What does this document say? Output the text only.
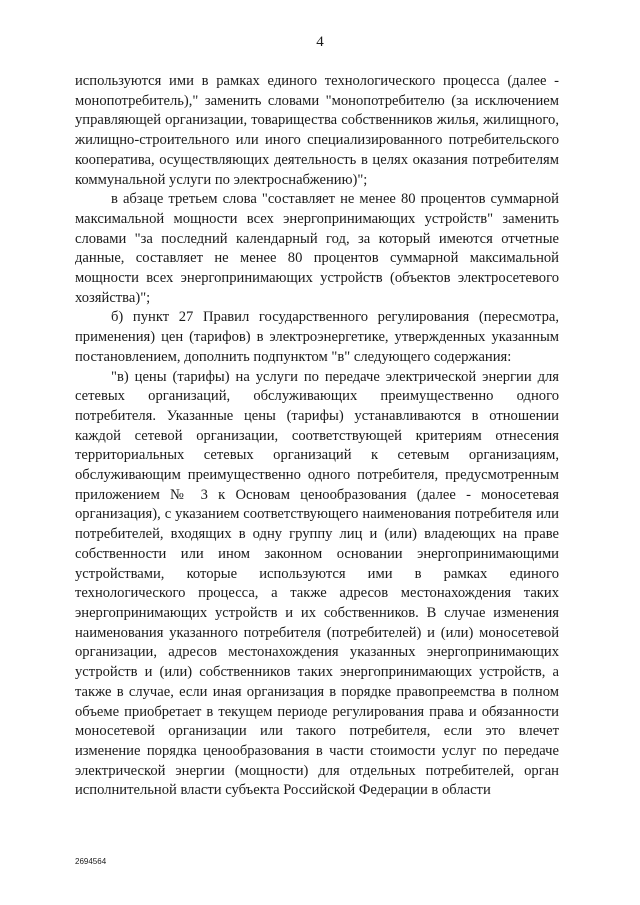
4

используются ими в рамках единого технологического процесса (далее - монопотребитель)," заменить словами "монопотребителю (за исключением управляющей организации, товарищества собственников жилья, жилищного, жилищно-строительного или иного специализированного потребительского кооператива, осуществляющих деятельность в целях оказания потребителям коммунальной услуги по электроснабжению)";

в абзаце третьем слова "составляет не менее 80 процентов суммарной максимальной мощности всех энергопринимающих устройств" заменить словами "за последний календарный год, за который имеются отчетные данные, составляет не менее 80 процентов суммарной максимальной мощности всех энергопринимающих устройств (объектов электросетевого хозяйства)";

б) пункт 27 Правил государственного регулирования (пересмотра, применения) цен (тарифов) в электроэнергетике, утвержденных указанным постановлением, дополнить подпунктом "в" следующего содержания:

"в) цены (тарифы) на услуги по передаче электрической энергии для сетевых организаций, обслуживающих преимущественно одного потребителя. Указанные цены (тарифы) устанавливаются в отношении каждой сетевой организации, соответствующей критериям отнесения территориальных сетевых организаций к сетевым организациям, обслуживающим преимущественно одного потребителя, предусмотренным приложением № 3 к Основам ценообразования (далее - моносетевая организация), с указанием соответствующего наименования потребителя или потребителей, входящих в одну группу лиц и (или) владеющих на праве собственности или ином законном основании энергопринимающими устройствами, которые используются ими в рамках единого технологического процесса, а также адресов местонахождения таких энергопринимающих устройств и их собственников. В случае изменения наименования указанного потребителя (потребителей) и (или) моносетевой организации, адресов местонахождения указанных энергопринимающих устройств и (или) собственников таких энергопринимающих устройств, а также в случае, если иная организация в порядке правопреемства в полном объеме приобретает в текущем периоде регулирования права и обязанности моносетевой организации или такого потребителя, если это влечет изменение порядка ценообразования в части стоимости услуг по передаче электрической энергии (мощности) для отдельных потребителей, орган исполнительной власти субъекта Российской Федерации в области

2694564
